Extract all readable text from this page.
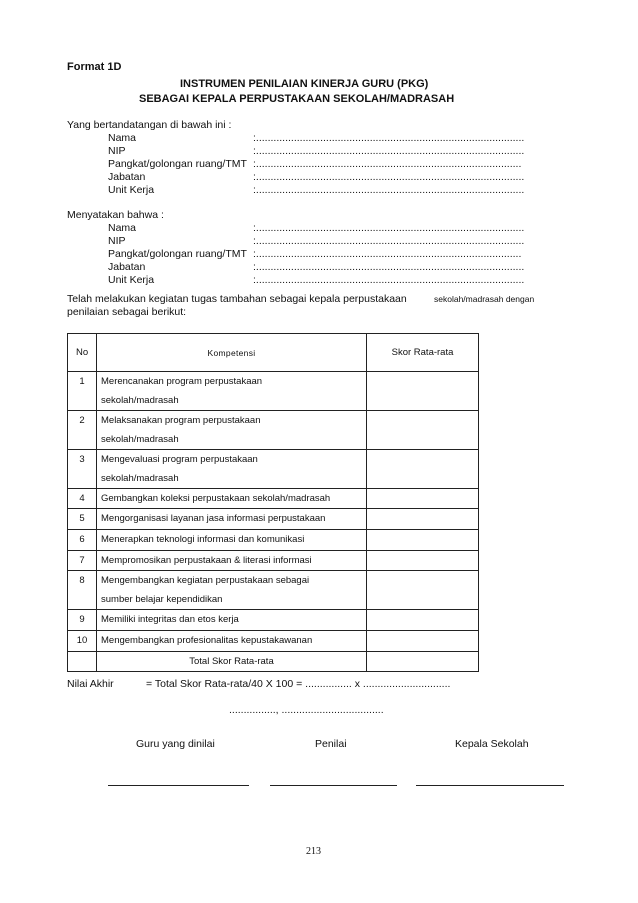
Format 1D
INSTRUMEN PENILAIAN KINERJA GURU (PKG)
SEBAGAI KEPALA PERPUSTAKAAN SEKOLAH/MADRASAH
Yang bertandatangan di bawah ini :
Nama	:............................................................................................
NIP	:............................................................................................
Pangkat/golongan ruang/TMT :...........................................................................................
Jabatan	:............................................................................................
Unit Kerja	:............................................................................................
Menyatakan bahwa :
Nama	:............................................................................................
NIP	:............................................................................................
Pangkat/golongan ruang/TMT :...........................................................................................
Jabatan	:............................................................................................
Unit Kerja	:............................................................................................
Telah melakukan kegiatan tugas tambahan sebagai kepala perpustakaan	sekolah/madrasah dengan
penilaian sebagai berikut:
No	Kompetensi	Skor Rata-rata
1	Merencanakan program perpustakaan
sekolah/madrasah	

2	Melaksanakan program perpustakaan
sekolah/madrasah	

3	Mengevaluasi program perpustakaan
sekolah/madrasah	

4	Gembangkan koleksi perpustakaan sekolah/madrasah	
5	Mengorganisasi layanan jasa informasi perpustakaan	
6	Menerapkan teknologi informasi dan komunikasi	
7	Mempromosikan perpustakaan & literasi informasi	
8	Mengembangkan kegiatan perpustakaan sebagai
sumber belajar kependidikan	

9	Memiliki integritas dan etos kerja	
10	Mengembangkan profesionalitas kepustakawanan	
	Total Skor Rata-rata	
Nilai Akhir	= Total Skor Rata-rata/40 X 100 = ................ x ..............................
................, ...................................
Guru yang dinilai	Penilai	Kepala Sekolah
213
